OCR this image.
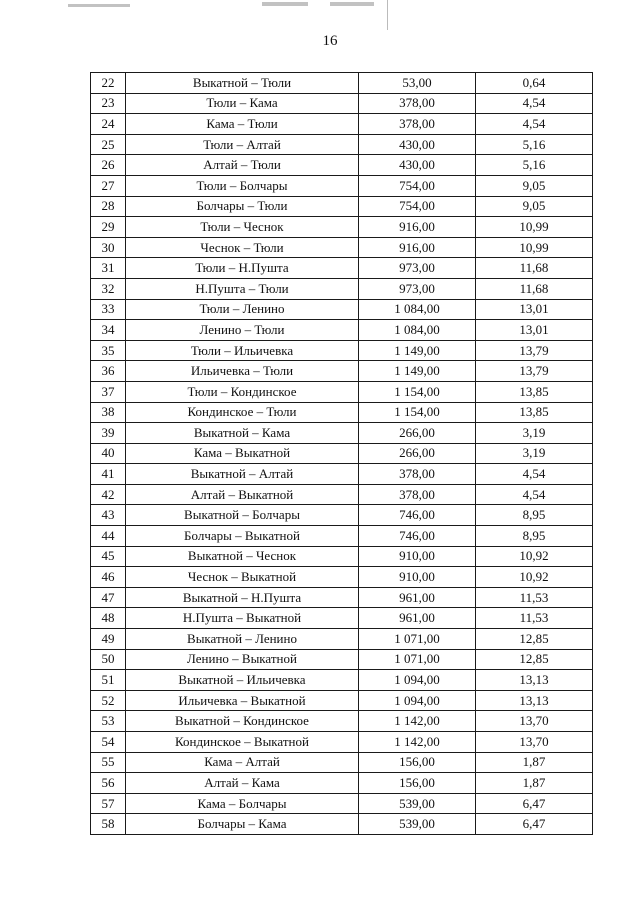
16
22	Выкатной – Тюли	53,00	0,64
23	Тюли – Кама	378,00	4,54
24	Кама – Тюли	378,00	4,54
25	Тюли – Алтай	430,00	5,16
26	Алтай – Тюли	430,00	5,16
27	Тюли – Болчары	754,00	9,05
28	Болчары – Тюли	754,00	9,05
29	Тюли – Чеснок	916,00	10,99
30	Чеснок – Тюли	916,00	10,99
31	Тюли – Н.Пушта	973,00	11,68
32	Н.Пушта – Тюли	973,00	11,68
33	Тюли – Ленино	1 084,00	13,01
34	Ленино – Тюли	1 084,00	13,01
35	Тюли – Ильичевка	1 149,00	13,79
36	Ильичевка – Тюли	1 149,00	13,79
37	Тюли – Кондинское	1 154,00	13,85
38	Кондинское – Тюли	1 154,00	13,85
39	Выкатной – Кама	266,00	3,19
40	Кама – Выкатной	266,00	3,19
41	Выкатной – Алтай	378,00	4,54
42	Алтай – Выкатной	378,00	4,54
43	Выкатной – Болчары	746,00	8,95
44	Болчары – Выкатной	746,00	8,95
45	Выкатной – Чеснок	910,00	10,92
46	Чеснок – Выкатной	910,00	10,92
47	Выкатной – Н.Пушта	961,00	11,53
48	Н.Пушта – Выкатной	961,00	11,53
49	Выкатной – Ленино	1 071,00	12,85
50	Ленино – Выкатной	1 071,00	12,85
51	Выкатной – Ильичевка	1 094,00	13,13
52	Ильичевка – Выкатной	1 094,00	13,13
53	Выкатной – Кондинское	1 142,00	13,70
54	Кондинское – Выкатной	1 142,00	13,70
55	Кама – Алтай	156,00	1,87
56	Алтай – Кама	156,00	1,87
57	Кама – Болчары	539,00	6,47
58	Болчары – Кама	539,00	6,47
